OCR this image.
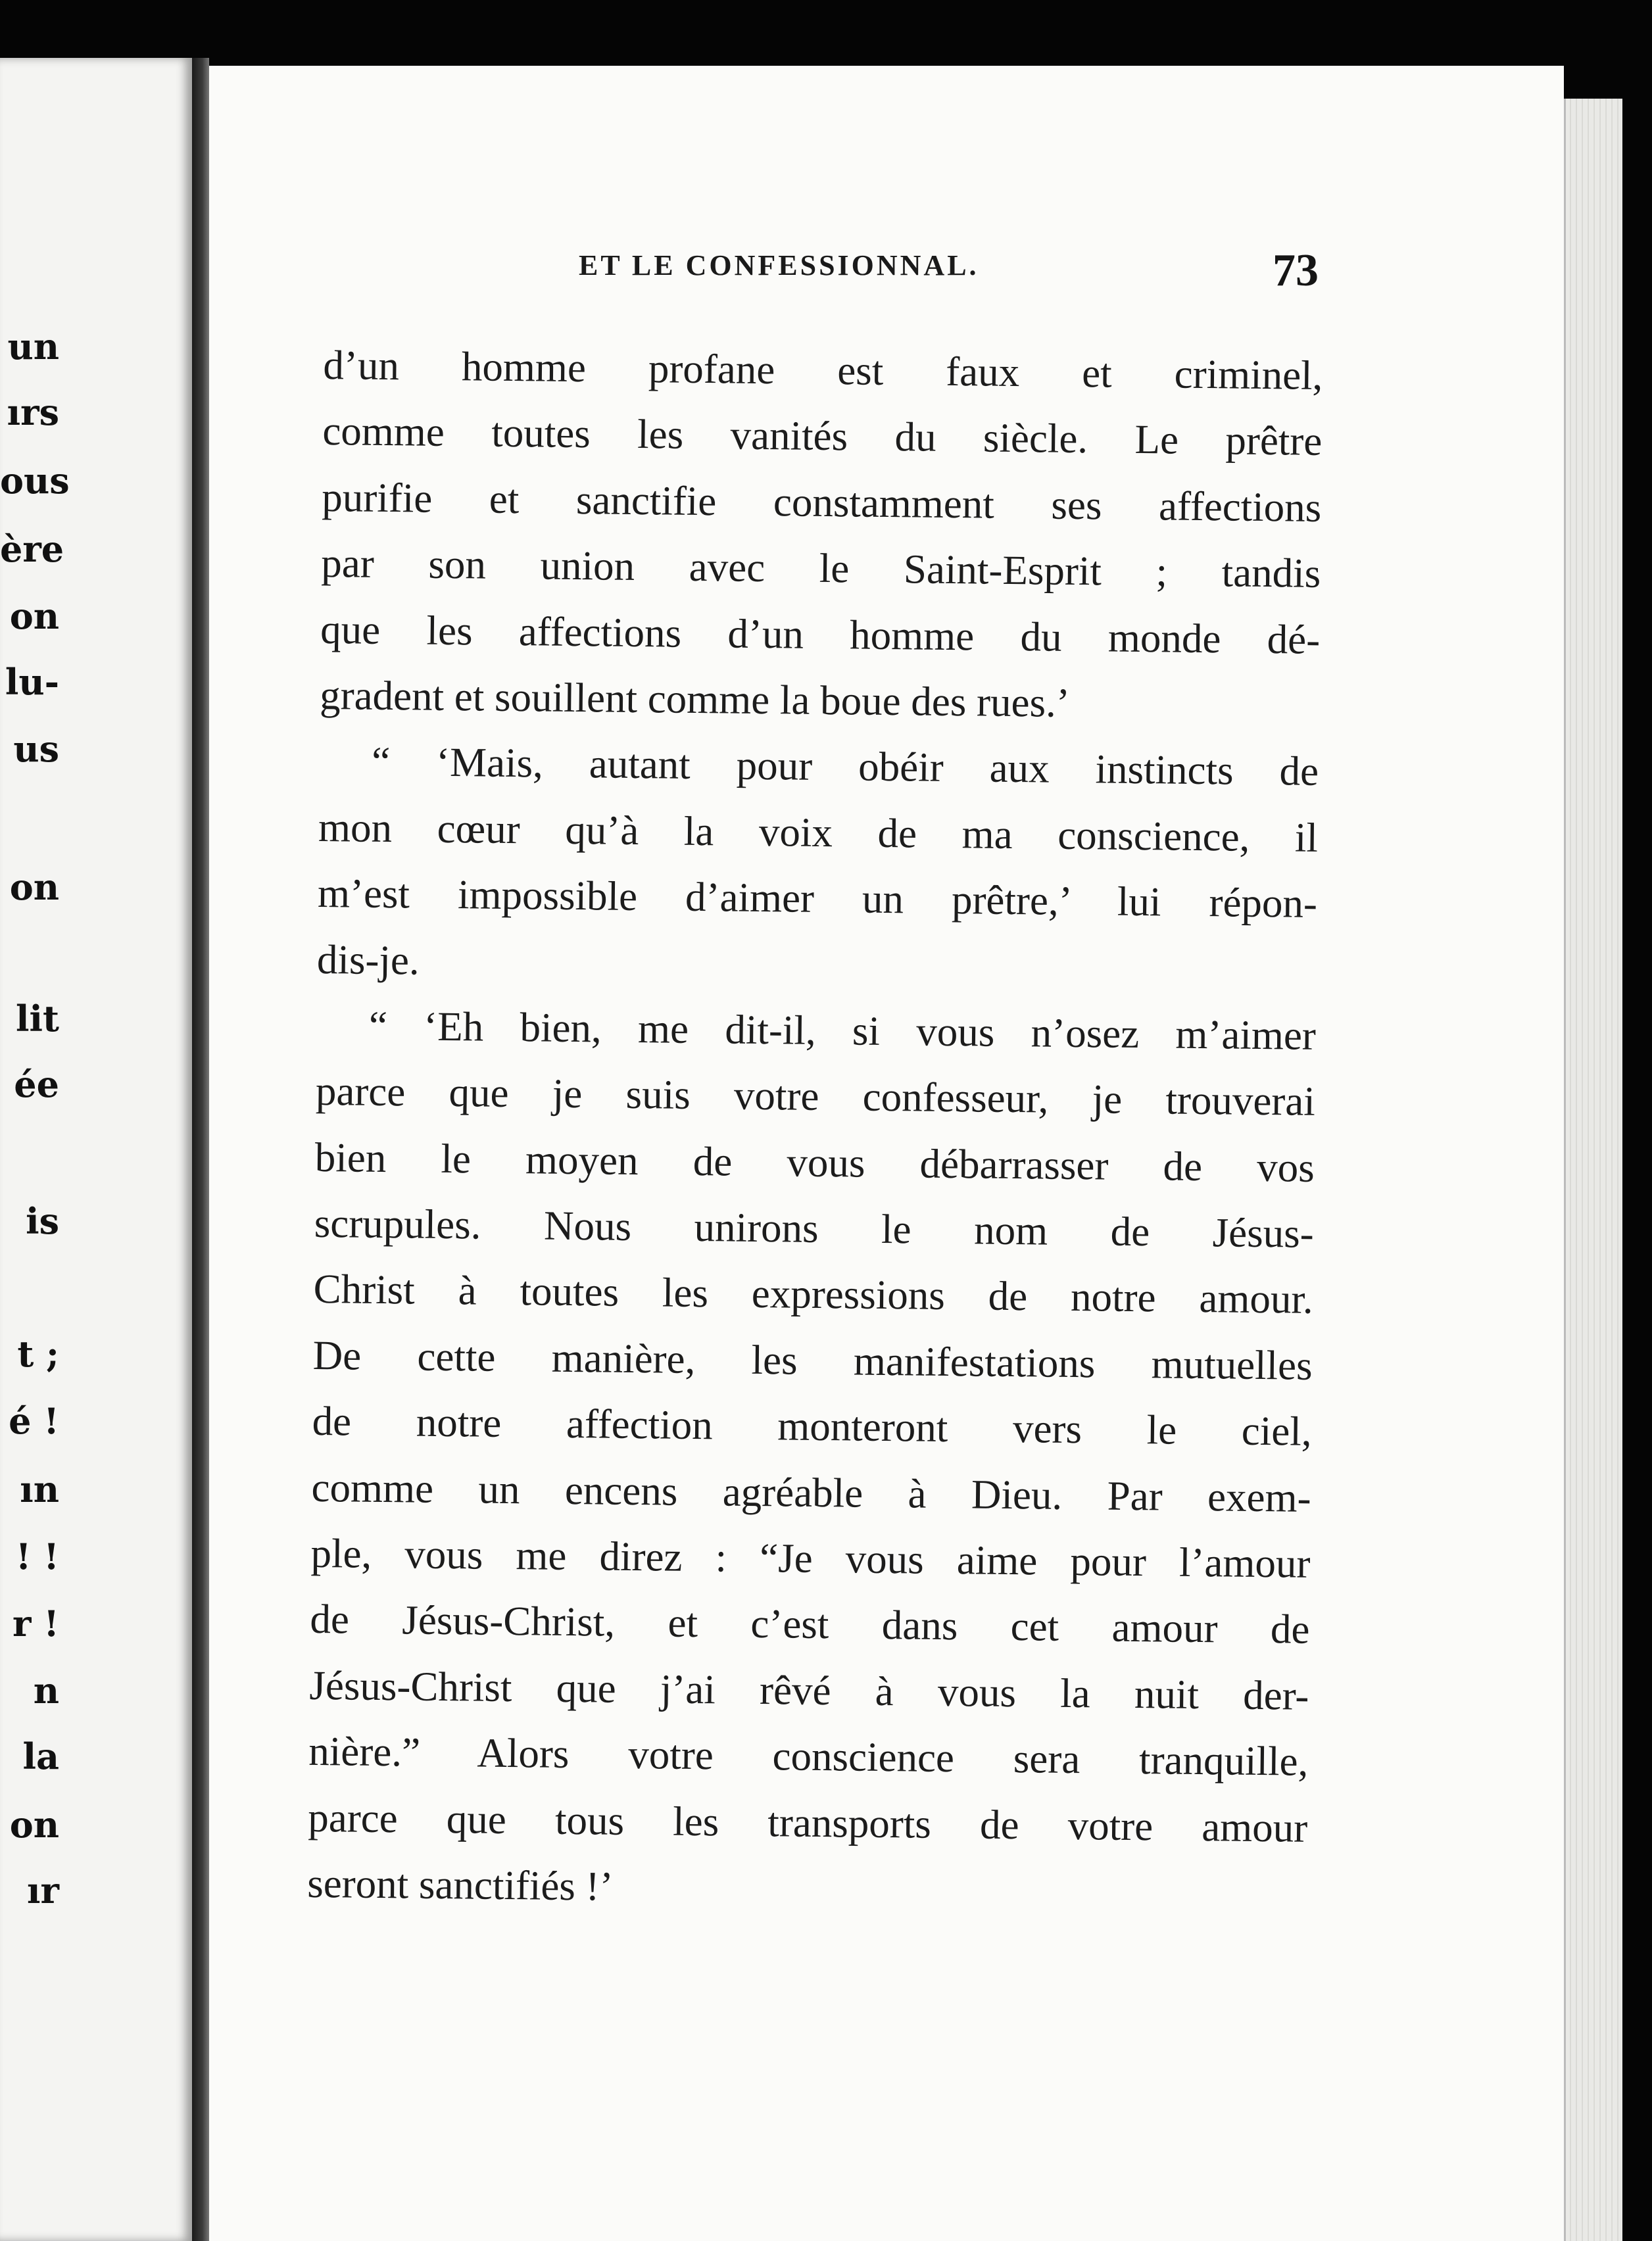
un
ırs
ous
ère
on
lu-
us
on
lit
ée
is
t ;
é !
ın
! !
r !
n
la
on
ır
ET LE CONFESSIONNAL.	73
d’un homme profane est faux et criminel,
comme toutes les vanités du siècle. Le prêtre
purifie et sanctifie constamment ses affections
par son union avec le Saint-Esprit ; tandis
que les affections d’un homme du monde dé-
gradent et souillent comme la boue des rues.’
“ ‘Mais, autant pour obéir aux instincts de
mon cœur qu’à la voix de ma conscience, il
m’est impossible d’aimer un prêtre,’ lui répon-
dis-je.
“ ‘Eh bien, me dit-il, si vous n’osez m’aimer
parce que je suis votre confesseur, je trouverai
bien le moyen de vous débarrasser de vos
scrupules. Nous unirons le nom de Jésus-
Christ à toutes les expressions de notre amour.
De cette manière, les manifestations mutuelles
de notre affection monteront vers le ciel,
comme un encens agréable à Dieu. Par exem-
ple, vous me direz : “Je vous aime pour l’amour
de Jésus-Christ, et c’est dans cet amour de
Jésus-Christ que j’ai rêvé à vous la nuit der-
nière.” Alors votre conscience sera tranquille,
parce que tous les transports de votre amour
seront sanctifiés !’
